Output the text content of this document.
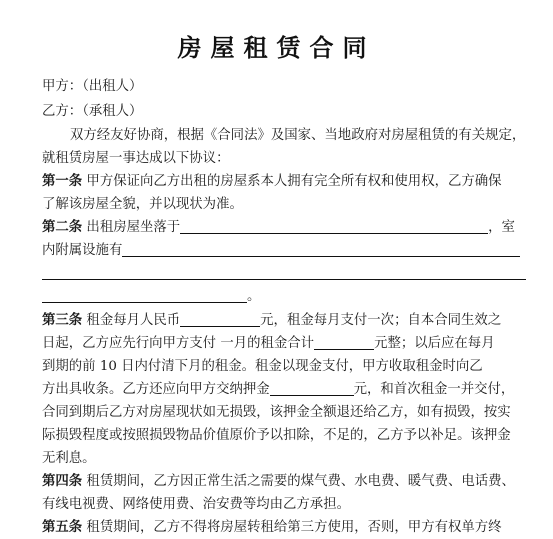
房屋租赁合同
甲方：（出租人）
乙方：（承租人）
双方经友好协商，根据《合同法》及国家、当地政府对房屋租赁的有关规定，
就租赁房屋一事达成以下协议：
第一条 甲方保证向乙方出租的房屋系本人拥有完全所有权和使用权，乙方确保
了解该房屋全貌，并以现状为准。
第二条 出租房屋坐落于	，室
内附属设施有
。
第三条 租金每月人民币	元，租金每月支付一次；自本合同生效之
日起，乙方应先行向甲方支付 一月的租金合计	元整；以后应在每月
到期的前 10 日内付清下月的租金。租金以现金支付，甲方收取租金时向乙
方出具收条。乙方还应向甲方交纳押金	元，和首次租金一并交付，
合同到期后乙方对房屋现状如无损毁，该押金全额退还给乙方，如有损毁，按实
际损毁程度或按照损毁物品价值原价予以扣除，不足的，乙方予以补足。该押金
无利息。
第四条 租赁期间，乙方因正常生活之需要的煤气费、水电费、暖气费、电话费、
有线电视费、网络使用费、治安费等均由乙方承担。
第五条 租赁期间，乙方不得将房屋转租给第三方使用，否则，甲方有权单方终
